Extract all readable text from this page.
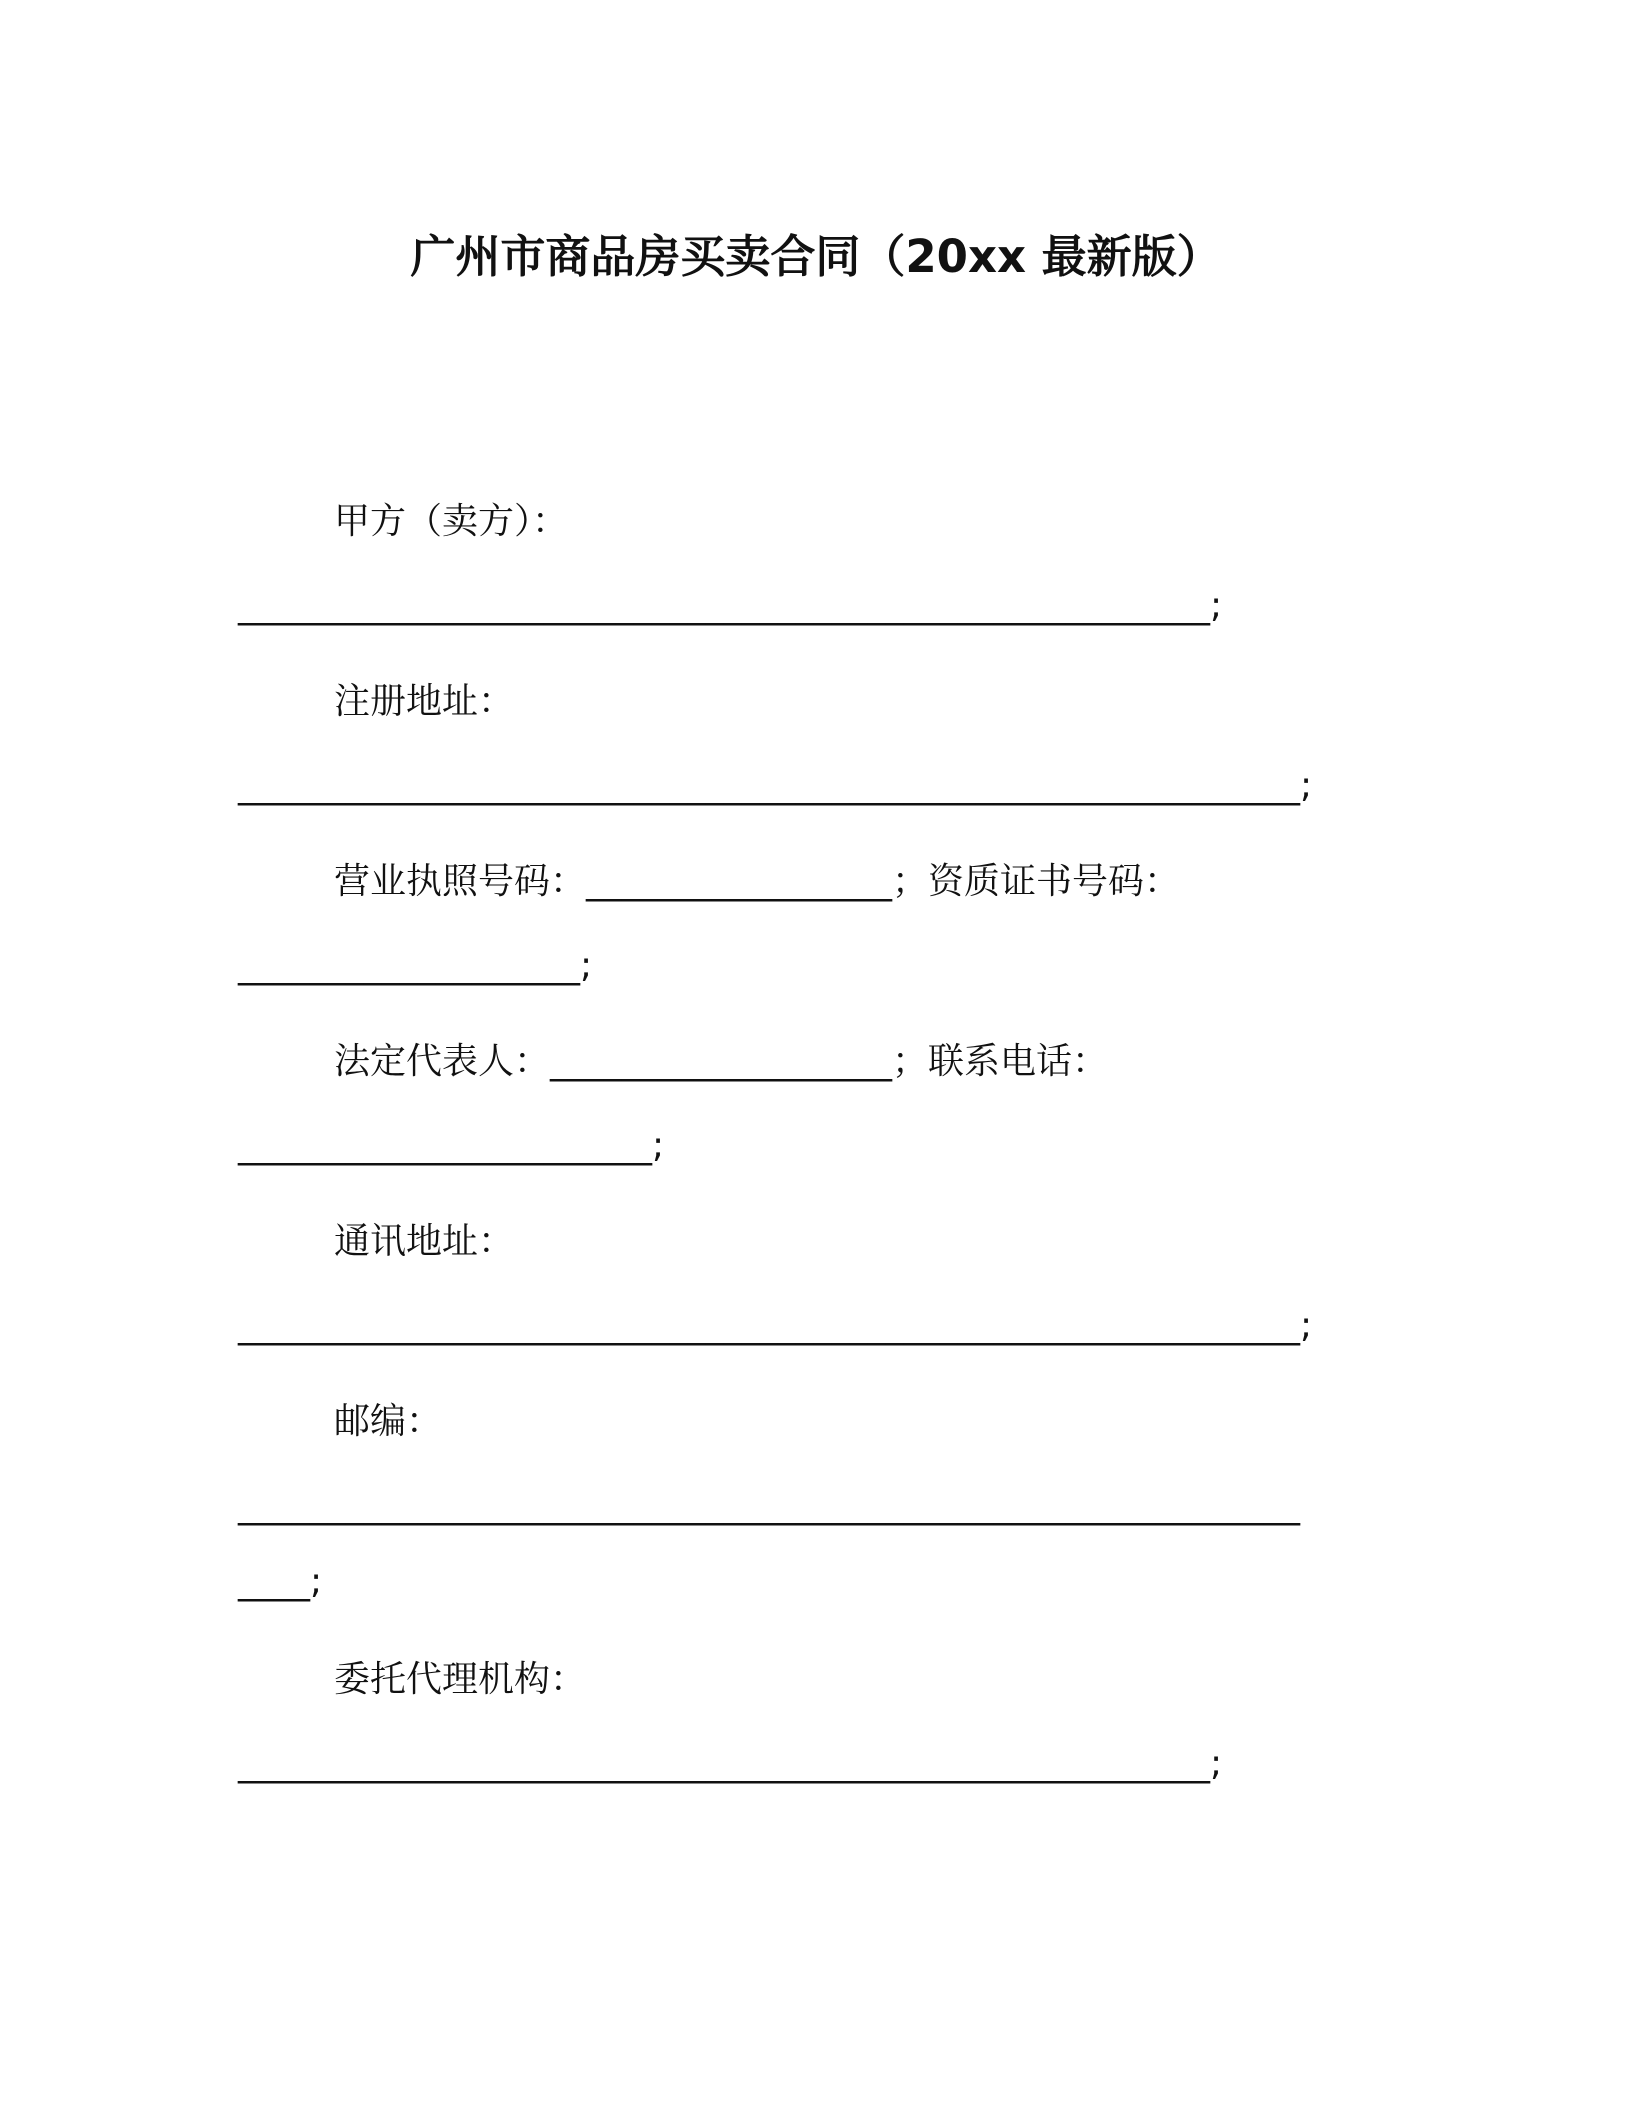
广州市商品房买卖合同（20xx 最新版）
甲方（卖方）：
______________________________________________________;
注册地址：
___________________________________________________________;
营业执照号码：_________________；资质证书号码：
___________________;
法定代表人：___________________；联系电话：
_______________________;
通讯地址：
___________________________________________________________;
邮编：
___________________________________________________________
____;
委托代理机构：
______________________________________________________;
